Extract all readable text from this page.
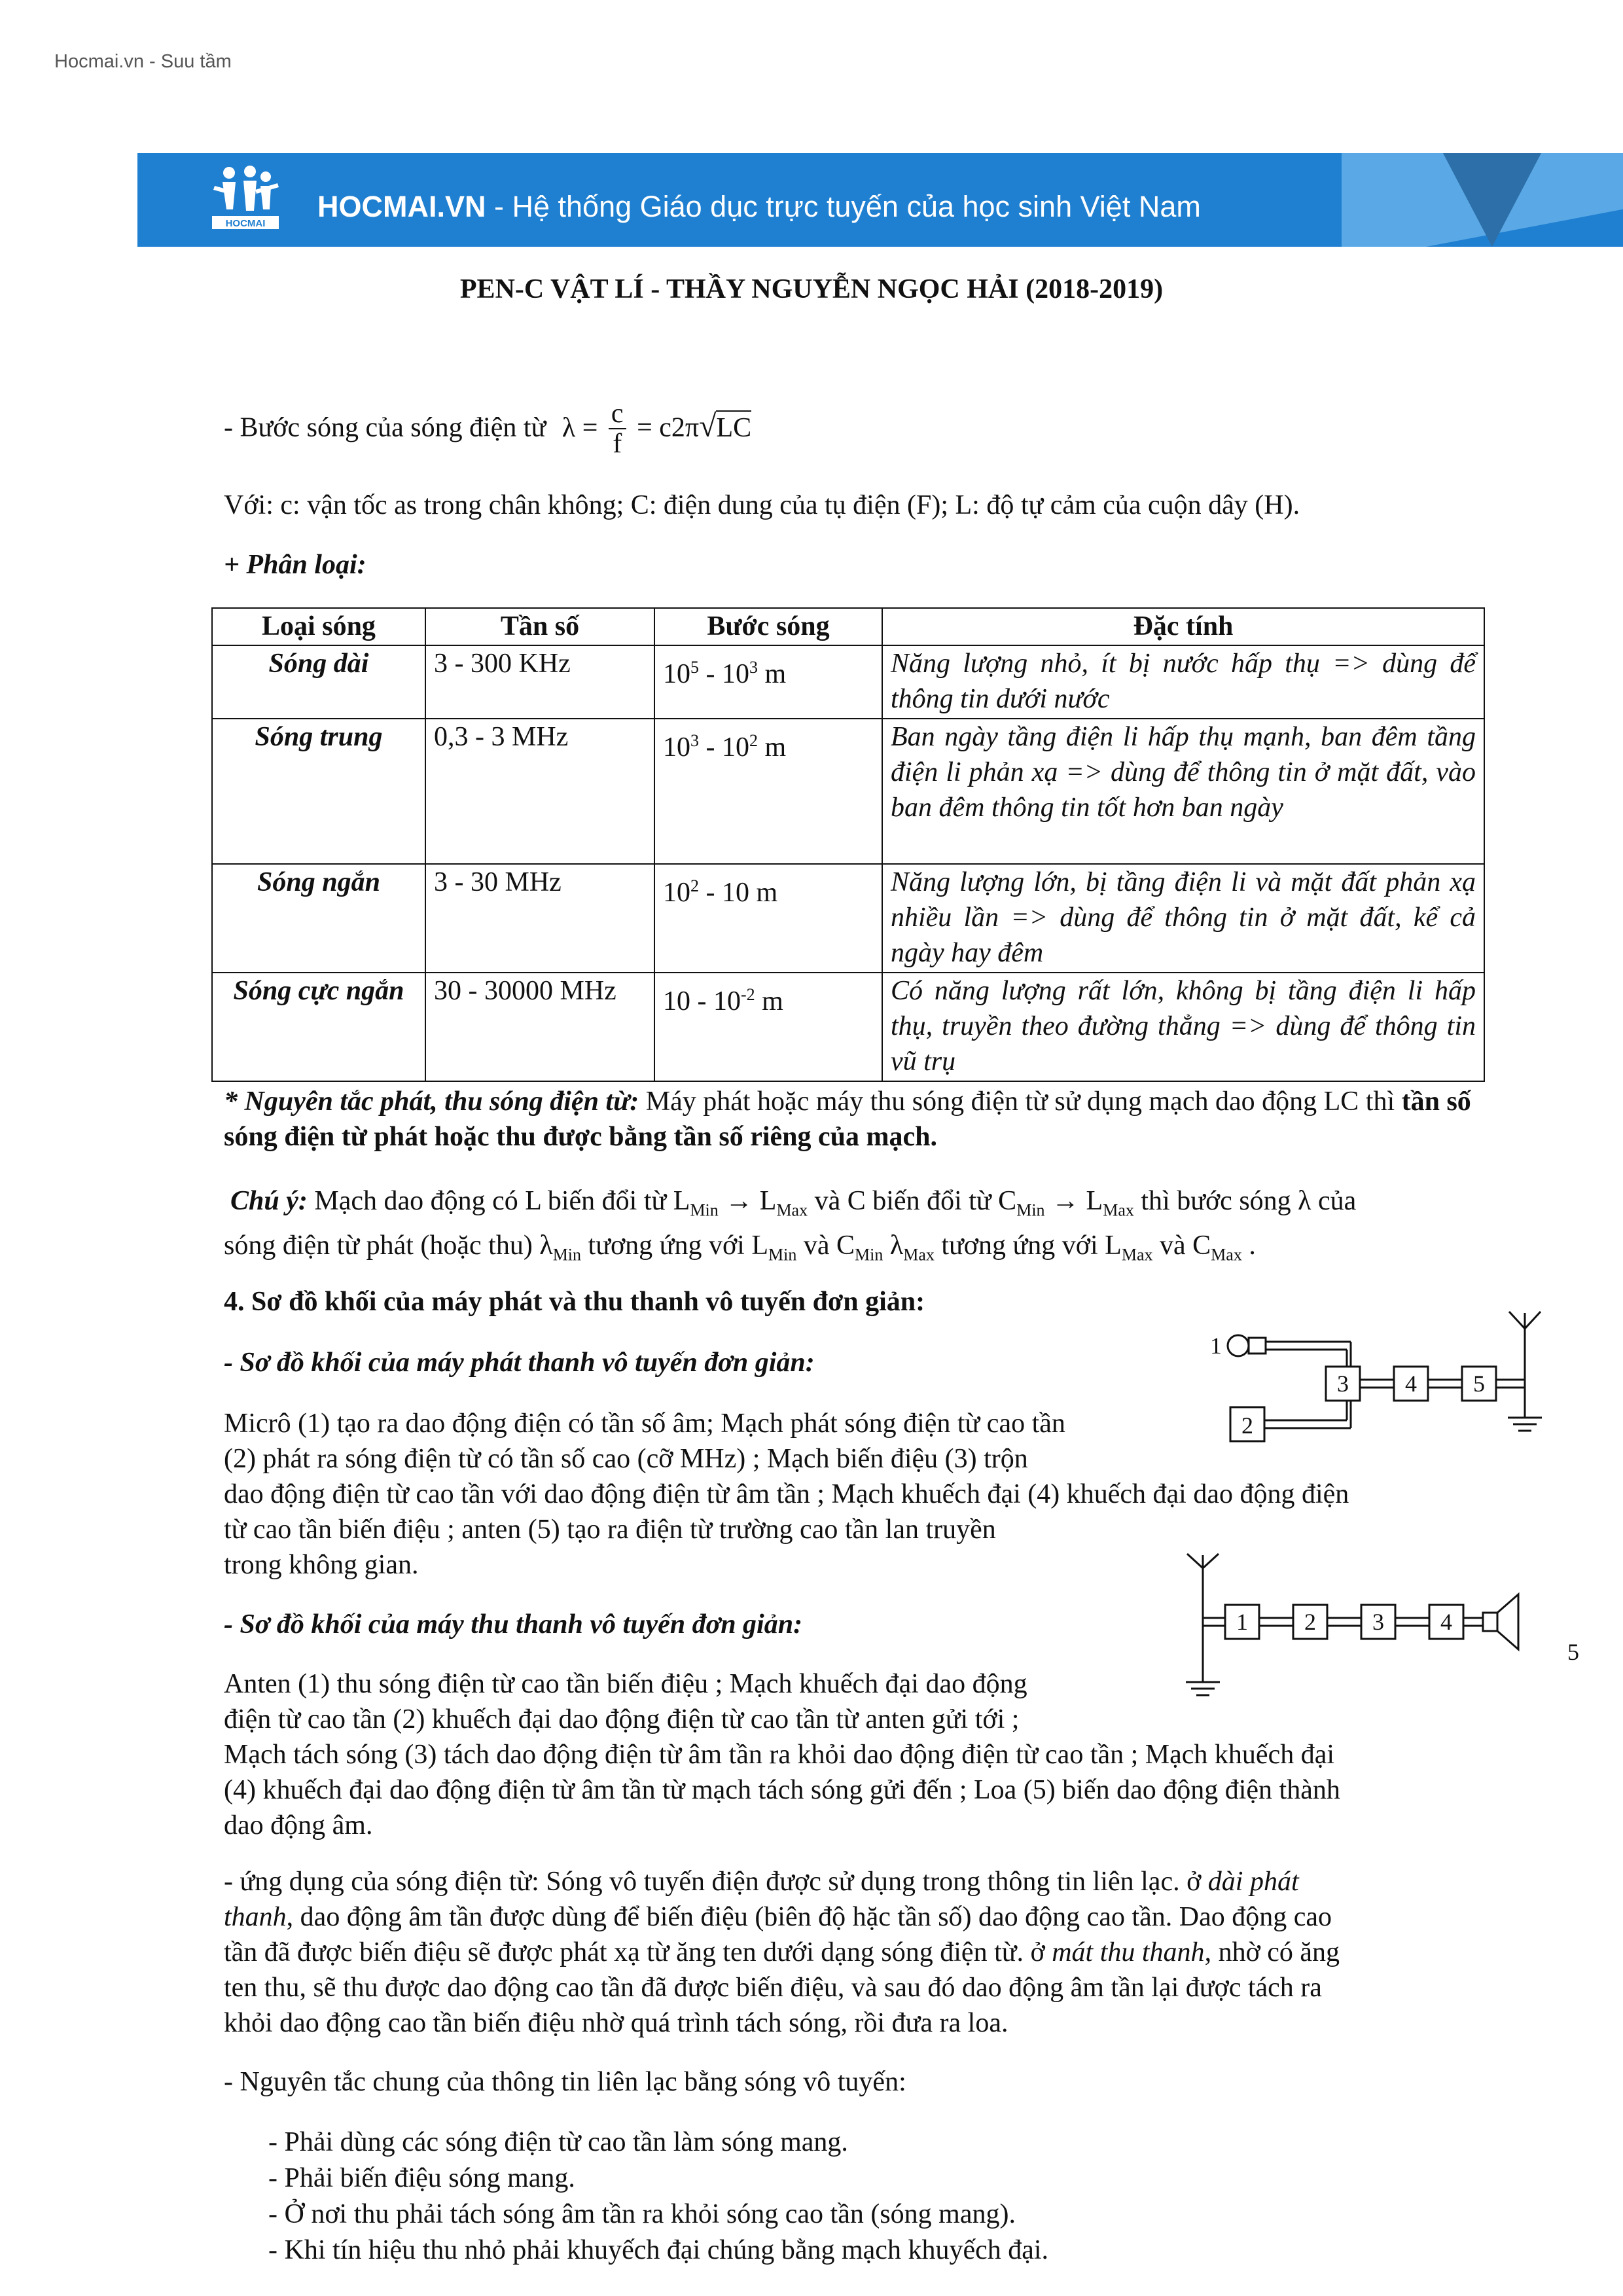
Hocmai.vn - Suu tầm
HOCMAI
HOCMAI.VN - Hệ thống Giáo dục trực tuyến của học sinh Việt Nam
PEN-C VẬT LÍ - THẦY NGUYỄN NGỌC HẢI (2018-2019)
- Bước sóng của sóng điện từ $\lambda = \frac{c}{f} = c2\pi√LC$
Với: c: vận tốc as trong chân không; C: điện dung của tụ điện (F); L: độ tự cảm của cuộn dây (H).
+ Phân loại:
Loại sóng	Tần số	Bước sóng	Đặc tính
Sóng dài	3 - 300 KHz	$10^5 - 10^3$ m	Năng lượng nhỏ, ít bị nước hấp thụ => dùng để thông tin dưới nước
Sóng trung	0,3 - 3 MHz	$10^3 - 10^2$ m	Ban ngày tầng điện li hấp thụ mạnh, ban đêm tầng điện li phản xạ => dùng để thông tin ở mặt đất, vào ban đêm thông tin tốt hơn ban ngày
Sóng ngắn	3 - 30 MHz	$10^2 - 10$ m	Năng lượng lớn, bị tầng điện li và mặt đất phản xạ nhiều lần => dùng để thông tin ở mặt đất, kể cả ngày hay đêm
Sóng cực ngắn	30 - 30000 MHz	$10 - 10^{-2}$ m	Có năng lượng rất lớn, không bị tầng điện li hấp thụ, truyền theo đường thẳng => dùng để thông tin vũ trụ
* Nguyên tắc phát, thu sóng điện từ: Máy phát hoặc máy thu sóng điện từ sử dụng mạch dao động LC thì tần số sóng điện từ phát hoặc thu được bằng tần số riêng của mạch.
Chú ý: Mạch dao động có L biến đổi từ $L_{Min} \to L_{Max}$ và C biến đổi từ $C_{Min} \to L_{Max}$ thì bước sóng λ của
sóng điện từ phát (hoặc thu) $\lambda_{Min}$ tương ứng với $L_{Min}$ và $C_{Min}$ $\lambda_{Max}$ tương ứng với $L_{Max}$ và $C_{Max}$ .
4. Sơ đồ khối của máy phát và thu thanh vô tuyến đơn giản:
- Sơ đồ khối của máy phát thanh vô tuyến đơn giản:
Micrô (1) tạo ra dao động điện có tần số âm; Mạch phát sóng điện từ cao tần
(2) phát ra sóng điện từ có tần số cao (cỡ MHz) ; Mạch biến điệu (3) trộn
dao động điện từ cao tần với dao động điện từ âm tần ; Mạch khuếch đại (4) khuếch đại dao động điện
từ cao tần biến điệu ; anten (5) tạo ra điện từ trường cao tần lan truyền
trong không gian.
1
2
3 4 5
- Sơ đồ khối của máy thu thanh vô tuyến đơn giản:
Anten (1) thu sóng điện từ cao tần biến điệu ; Mạch khuếch đại dao động
điện từ cao tần (2) khuếch đại dao động điện từ cao tần từ anten gửi tới ;
Mạch tách sóng (3) tách dao động điện từ âm tần ra khỏi dao động điện từ cao tần ; Mạch khuếch đại
(4) khuếch đại dao động điện từ âm tần từ mạch tách sóng gửi đến ; Loa (5) biến dao động điện thành
dao động âm.
1 2 3 4
5
- ứng dụng của sóng điện từ: Sóng vô tuyến điện được sử dụng trong thông tin liên lạc. ở dài phát
thanh, dao động âm tần được dùng để biến điệu (biên độ hặc tần số) dao động cao tần. Dao động cao
tần đã được biến điệu sẽ được phát xạ từ ăng ten dưới dạng sóng điện từ. ở mát thu thanh, nhờ có ăng
ten thu, sẽ thu được dao động cao tần đã được biến điệu, và sau đó dao động âm tần lại được tách ra
khỏi dao động cao tần biến điệu nhờ quá trình tách sóng, rồi đưa ra loa.
- Nguyên tắc chung của thông tin liên lạc bằng sóng vô tuyến:
- Phải dùng các sóng điện từ cao tần làm sóng mang.
- Phải biến điệu sóng mang.
- Ở nơi thu phải tách sóng âm tần ra khỏi sóng cao tần (sóng mang).
- Khi tín hiệu thu nhỏ phải khuyếch đại chúng bằng mạch khuyếch đại.
